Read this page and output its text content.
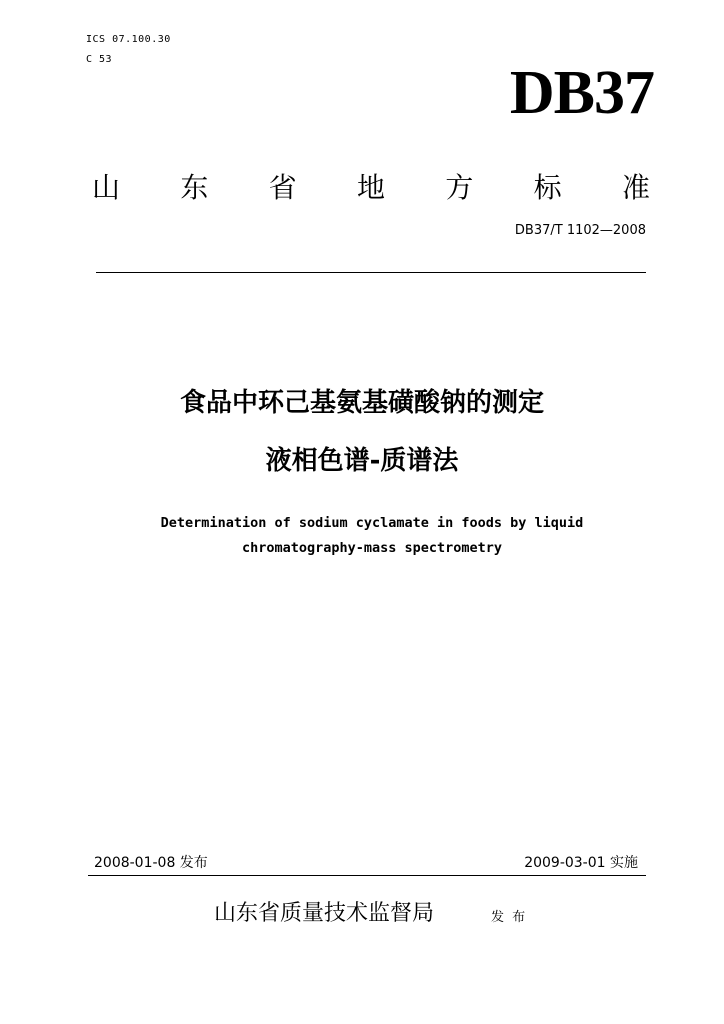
ICS 07.100.30
C 53	DB37
山 东 省 地 方 标 准
DB37/T 1102—2008
食品中环己基氨基磺酸钠的测定
液相色谱-质谱法
Determination of sodium cyclamate in foods by liquid
chromatography-mass spectrometry
2008-01-08 发布	2009-03-01 实施
山东省质量技术监督局	发 布
